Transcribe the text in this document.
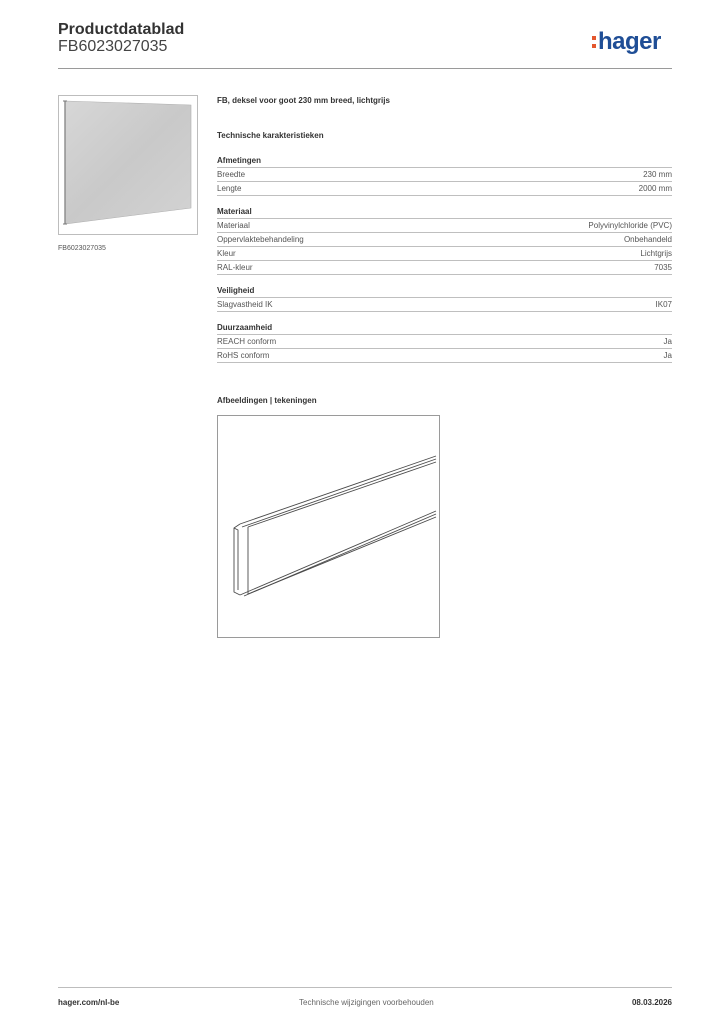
Productdatablad
FB6023027035	hager
FB6023027035
FB, deksel voor goot 230 mm breed, lichtgrijs
Technische karakteristieken
Afmetingen
Breedte	230 mm
Lengte	2000 mm
Materiaal
Materiaal	Polyvinylchloride (PVC)
Oppervlaktebehandeling	Onbehandeld
Kleur	Lichtgrijs
RAL-kleur	7035
Veiligheid
Slagvastheid IK	IK07
Duurzaamheid
REACH conform	Ja
RoHS conform	Ja
Afbeeldingen | tekeningen
hager.com/nl-be	Technische wijzigingen voorbehouden	08.03.2026
